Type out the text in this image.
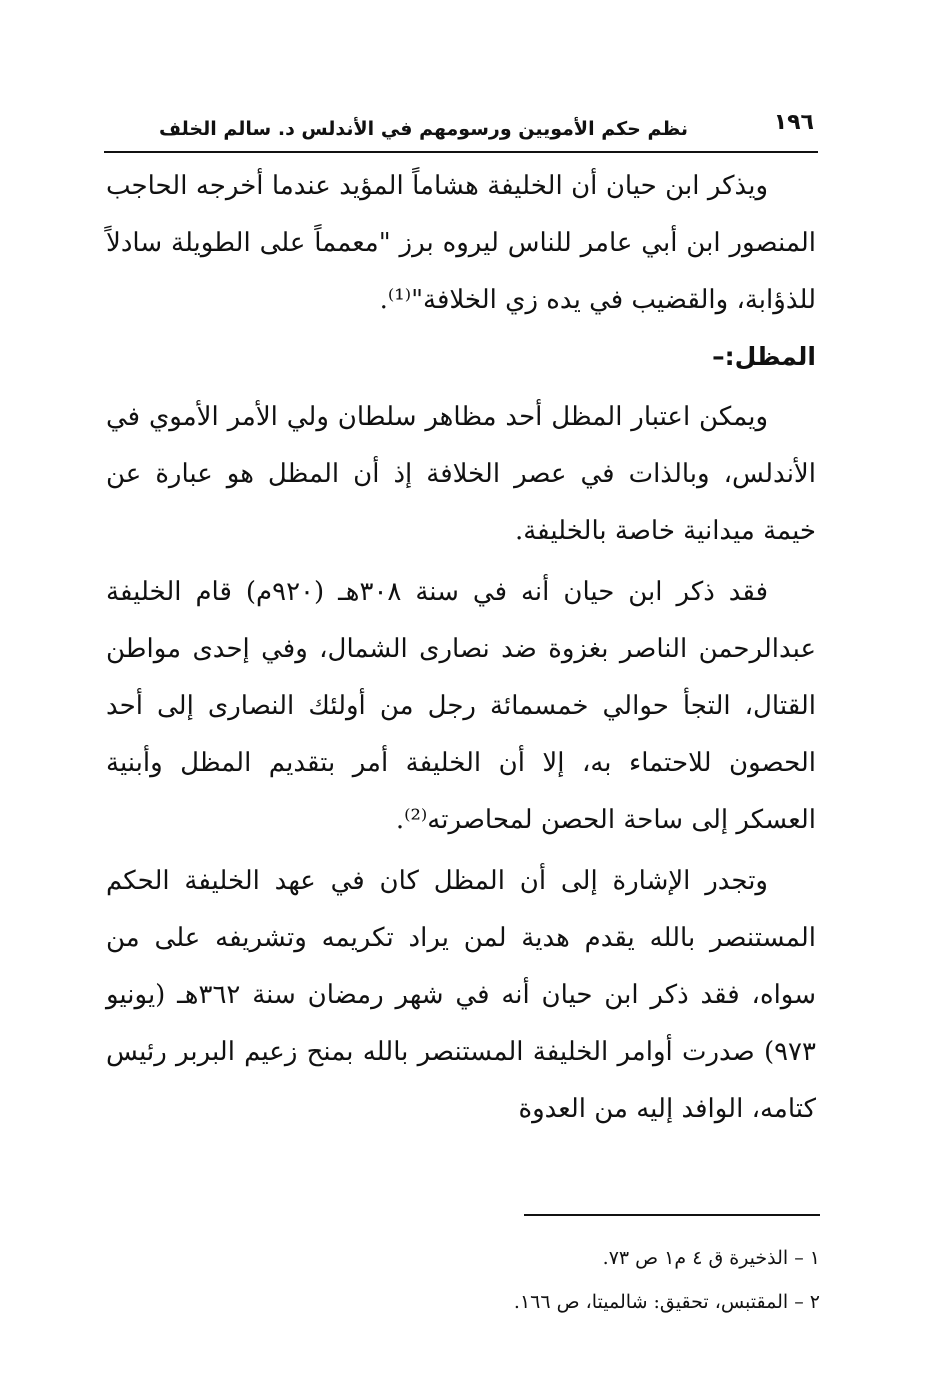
١٩٦
نظم حكم الأمويين ورسومهم في الأندلس د. سالم الخلف

ويذكر ابن حيان أن الخليفة هشاماً المؤيد عندما أخرجه الحاجب المنصور ابن أبي عامر للناس ليروه برز "معمماً على الطويلة سادلاً للذؤابة، والقضيب في يده زي الخلافة"⁽¹⁾.

المظل:–

ويمكن اعتبار المظل أحد مظاهر سلطان ولي الأمر الأموي في الأندلس، وبالذات في عصر الخلافة إذ أن المظل هو عبارة عن خيمة ميدانية خاصة بالخليفة.

فقد ذكر ابن حيان أنه في سنة ٣٠٨هـ (٩٢٠م) قام الخليفة عبدالرحمن الناصر بغزوة ضد نصارى الشمال، وفي إحدى مواطن القتال، التجأ حوالي خمسمائة رجل من أولئك النصارى إلى أحد الحصون للاحتماء به، إلا أن الخليفة أمر بتقديم المظل وأبنية العسكر إلى ساحة الحصن لمحاصرته⁽²⁾.

وتجدر الإشارة إلى أن المظل كان في عهد الخليفة الحكم المستنصر بالله يقدم هدية لمن يراد تكريمه وتشريفه على من سواه، فقد ذكر ابن حيان أنه في شهر رمضان سنة ٣٦٢هـ (يونيو ٩٧٣) صدرت أوامر الخليفة المستنصر بالله بمنح زعيم البربر رئيس كتامه، الوافد إليه من العدوة

١ – الذخيرة ق ٤ م١ ص ٧٣.

٢ – المقتبس، تحقيق: شالميتا، ص ١٦٦.
